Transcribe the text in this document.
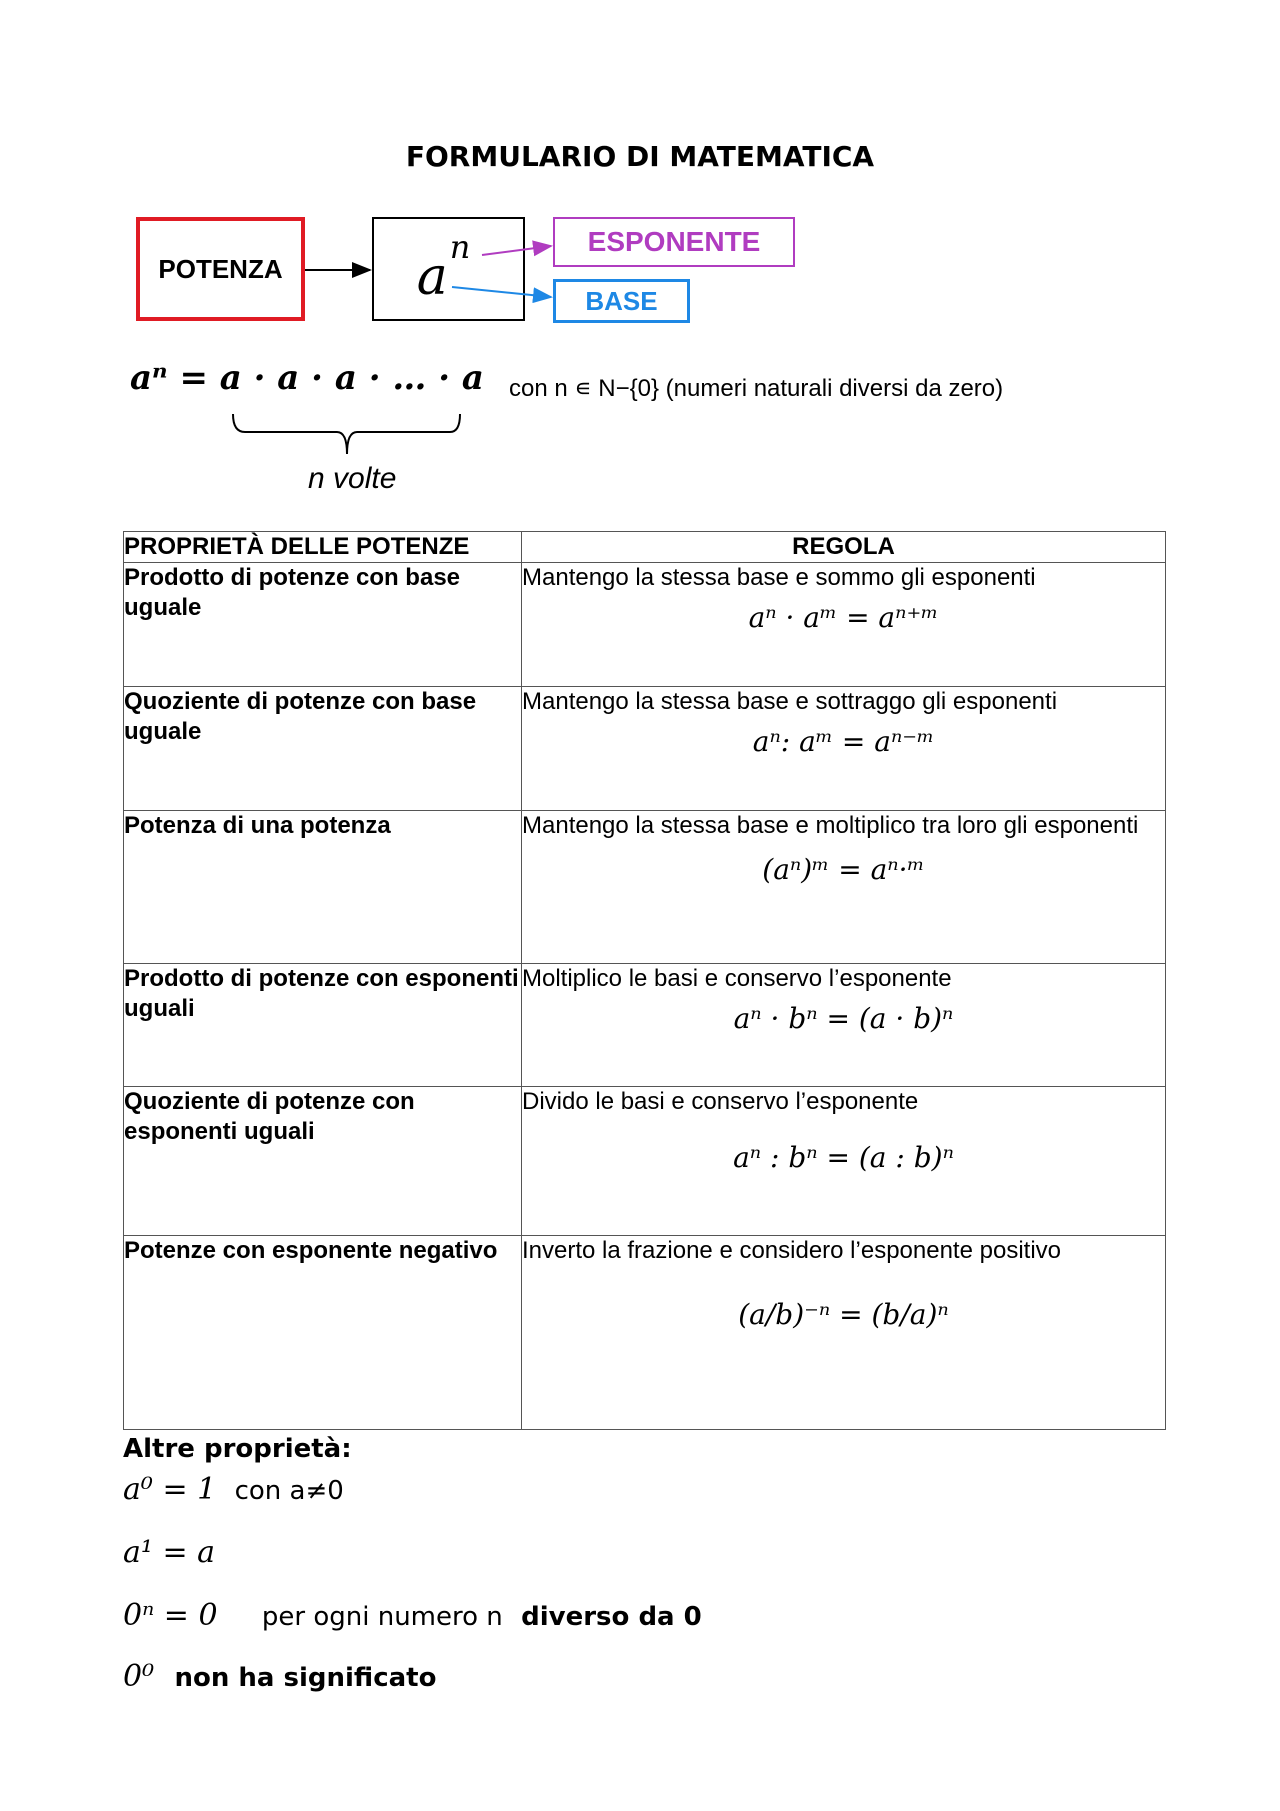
FORMULARIO DI MATEMATICA
POTENZA	a n	ESPONENTE
BASE
aⁿ = a · a · a · … · a con n ∊ N−{0} (numeri naturali diversi da zero)
n volte
PROPRIETÀ DELLE POTENZE	REGOLA
Prodotto di potenze con base uguale	Mantengo la stessa base e sommo gli esponenti
aⁿ · aᵐ = aⁿ⁺ᵐ

Quoziente di potenze con base uguale	Mantengo la stessa base e sottraggo gli esponenti
aⁿ: aᵐ = aⁿ⁻ᵐ

Potenza di una potenza	Mantengo la stessa base e moltiplico tra loro gli esponenti
(aⁿ)ᵐ = aⁿ·ᵐ

Prodotto di potenze con esponenti uguali	Moltiplico le basi e conservo l’esponente
aⁿ · bⁿ = (a · b)ⁿ

Quoziente di potenze con esponenti uguali	Divido le basi e conservo l’esponente
aⁿ : bⁿ = (a : b)ⁿ

Potenze con esponente negativo	Inverto la frazione e considero l’esponente positivo
(a/b)⁻ⁿ = (b/a)ⁿ
Altre proprietà:
a⁰ = 1 con a≠0
a¹ = a
0ⁿ = 0 per ogni numero n diverso da 0
0⁰ non ha significato
